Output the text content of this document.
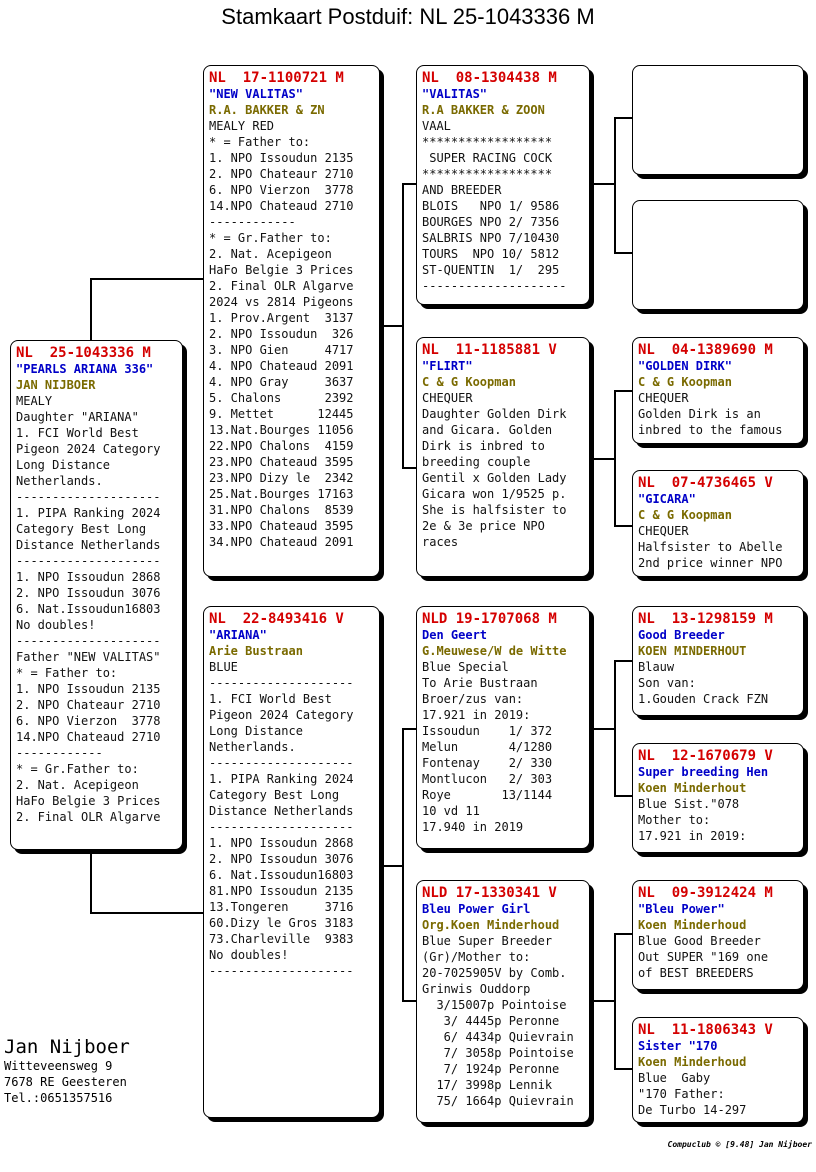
Stamkaart Postduif: NL 25-1043336 M
NL  25-1043336 M
"PEARLS ARIANA 336"
JAN NIJBOER
MEALY
Daughter "ARIANA"
1. FCI World Best
Pigeon 2024 Category
Long Distance
Netherlands.
--------------------
1. PIPA Ranking 2024
Category Best Long
Distance Netherlands
--------------------
1. NPO Issoudun 2868
2. NPO Issoudun 3076
6. Nat.Issoudun16803
No doubles!
--------------------
Father "NEW VALITAS"
* = Father to:
1. NPO Issoudun 2135
2. NPO Chateaur 2710
6. NPO Vierzon  3778
14.NPO Chateaud 2710
------------
* = Gr.Father to:
2. Nat. Acepigeon
HaFo Belgie 3 Prices
2. Final OLR Algarve
NL  17-1100721 M
"NEW VALITAS"
R.A. BAKKER & ZN
MEALY RED
* = Father to:
1. NPO Issoudun 2135
2. NPO Chateaur 2710
6. NPO Vierzon  3778
14.NPO Chateaud 2710
------------
* = Gr.Father to:
2. Nat. Acepigeon
HaFo Belgie 3 Prices
2. Final OLR Algarve
2024 vs 2814 Pigeons
1. Prov.Argent  3137
2. NPO Issoudun  326
3. NPO Gien     4717
4. NPO Chateaud 2091
4. NPO Gray     3637
5. Chalons      2392
9. Mettet      12445
13.Nat.Bourges 11056
22.NPO Chalons  4159
23.NPO Chateaud 3595
23.NPO Dizy le  2342
25.Nat.Bourges 17163
31.NPO Chalons  8539
33.NPO Chateaud 3595
34.NPO Chateaud 2091
NL  22-8493416 V
"ARIANA"
Arie Bustraan
BLUE
--------------------
1. FCI World Best
Pigeon 2024 Category
Long Distance
Netherlands.
--------------------
1. PIPA Ranking 2024
Category Best Long
Distance Netherlands
--------------------
1. NPO Issoudun 2868
2. NPO Issoudun 3076
6. Nat.Issoudun16803
81.NPO Issoudun 2135
13.Tongeren     3716
60.Dizy le Gros 3183
73.Charleville  9383
No doubles!
--------------------
NL  08-1304438 M
"VALITAS"
R.A BAKKER & ZOON
VAAL
******************
SUPER RACING COCK
******************
AND BREEDER
BLOIS   NPO 1/ 9586
BOURGES NPO 2/ 7356
SALBRIS NPO 7/10430
TOURS  NPO 10/ 5812
ST-QUENTIN  1/  295
--------------------
NL  11-1185881 V
"FLIRT"
C & G Koopman
CHEQUER
Daughter Golden Dirk
and Gicara. Golden
Dirk is inbred to
breeding couple
Gentil x Golden Lady
Gicara won 1/9525 p.
She is halfsister to
2e & 3e price NPO
races
NLD 19-1707068 M
Den Geert
G.Meuwese/W de Witte
Blue Special
To Arie Bustraan
Broer/zus van:
17.921 in 2019:
Issoudun    1/ 372
Melun       4/1280
Fontenay    2/ 330
Montlucon   2/ 303
Roye       13/1144
10 vd 11
17.940 in 2019
NLD 17-1330341 V
Bleu Power Girl
Org.Koen Minderhoud
Blue Super Breeder
(Gr)/Mother to:
20-7025905V by Comb.
Grinwis Ouddorp
3/15007p Pointoise
3/ 4445p Peronne
6/ 4434p Quievrain
7/ 3058p Pointoise
7/ 1924p Peronne
17/ 3998p Lennik
75/ 1664p Quievrain
NL  04-1389690 M
"GOLDEN DIRK"
C & G Koopman
CHEQUER
Golden Dirk is an
inbred to the famous
NL  07-4736465 V
"GICARA"
C & G Koopman
CHEQUER
Halfsister to Abelle
2nd price winner NPO
NL  13-1298159 M
Good Breeder
KOEN MINDERHOUT
Blauw
Son van:
1.Gouden Crack FZN
NL  12-1670679 V
Super breeding Hen
Koen Minderhout
Blue Sist."078
Mother to:
17.921 in 2019:
NL  09-3912424 M
"Bleu Power"
Koen Minderhoud
Blue Good Breeder
Out SUPER "169 one
of BEST BREEDERS
NL  11-1806343 V
Sister "170
Koen Minderhoud
Blue  Gaby
"170 Father:
De Turbo 14-297
Jan Nijboer
Witteveensweg 9
7678 RE Geesteren
Tel.:0651357516
Compuclub © [9.48] Jan Nijboer
